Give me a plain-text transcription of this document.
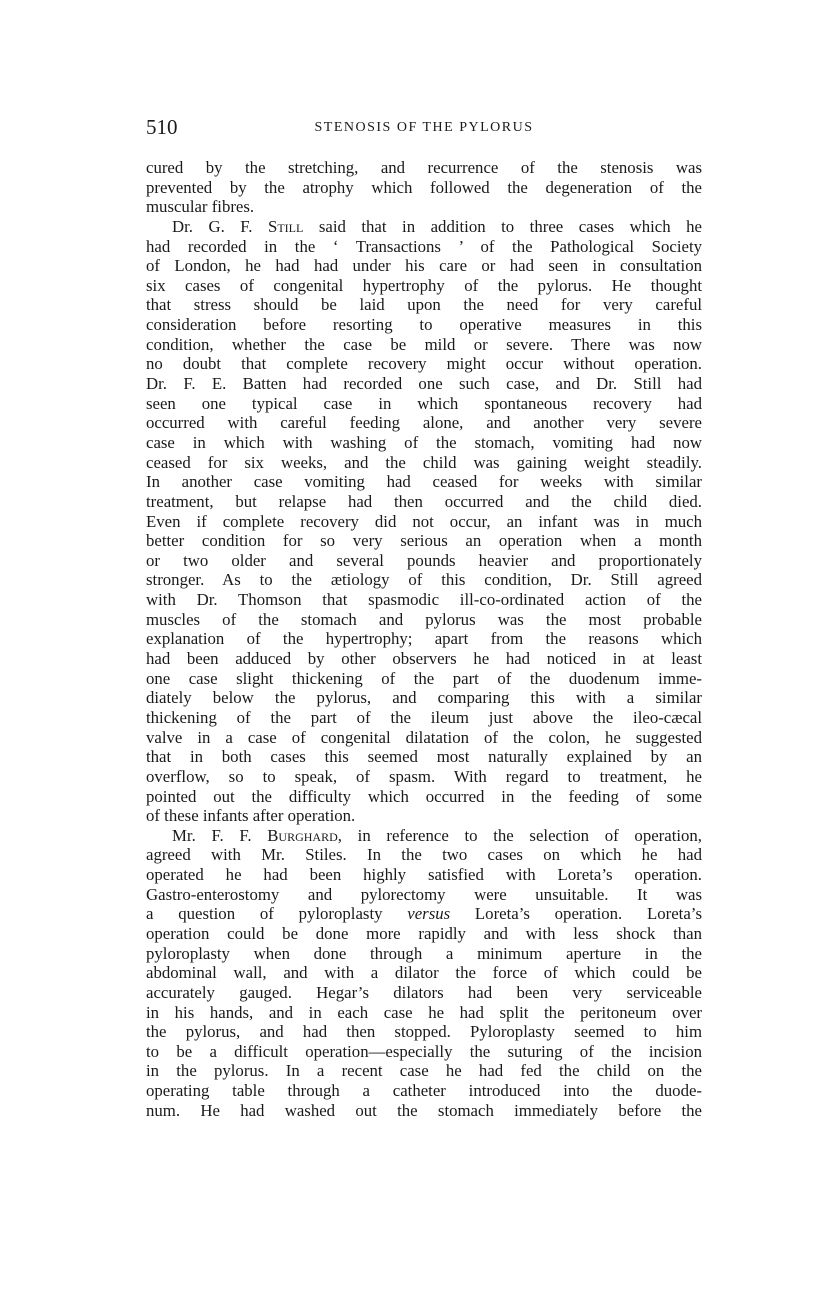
510	STENOSIS OF THE PYLORUS
cured by the stretching, and recurrence of the stenosis was
prevented by the atrophy which followed the degeneration of the
muscular fibres.
Dr. G. F. Still said that in addition to three cases which he
had recorded in the ‘ Transactions ’ of the Pathological Society
of London, he had had under his care or had seen in consultation
six cases of congenital hypertrophy of the pylorus. He thought
that stress should be laid upon the need for very careful
consideration before resorting to operative measures in this
condition, whether the case be mild or severe. There was now
no doubt that complete recovery might occur without operation.
Dr. F. E. Batten had recorded one such case, and Dr. Still had
seen one typical case in which spontaneous recovery had
occurred with careful feeding alone, and another very severe
case in which with washing of the stomach, vomiting had now
ceased for six weeks, and the child was gaining weight steadily.
In another case vomiting had ceased for weeks with similar
treatment, but relapse had then occurred and the child died.
Even if complete recovery did not occur, an infant was in much
better condition for so very serious an operation when a month
or two older and several pounds heavier and proportionately
stronger. As to the ætiology of this condition, Dr. Still agreed
with Dr. Thomson that spasmodic ill-co-ordinated action of the
muscles of the stomach and pylorus was the most probable
explanation of the hypertrophy; apart from the reasons which
had been adduced by other observers he had noticed in at least
one case slight thickening of the part of the duodenum imme-
diately below the pylorus, and comparing this with a similar
thickening of the part of the ileum just above the ileo-cæcal
valve in a case of congenital dilatation of the colon, he suggested
that in both cases this seemed most naturally explained by an
overflow, so to speak, of spasm. With regard to treatment, he
pointed out the difficulty which occurred in the feeding of some
of these infants after operation.
Mr. F. F. Burghard, in reference to the selection of operation,
agreed with Mr. Stiles. In the two cases on which he had
operated he had been highly satisfied with Loreta’s operation.
Gastro-enterostomy and pylorectomy were unsuitable. It was
a question of pyloroplasty versus Loreta’s operation. Loreta’s
operation could be done more rapidly and with less shock than
pyloroplasty when done through a minimum aperture in the
abdominal wall, and with a dilator the force of which could be
accurately gauged. Hegar’s dilators had been very serviceable
in his hands, and in each case he had split the peritoneum over
the pylorus, and had then stopped. Pyloroplasty seemed to him
to be a difficult operation—especially the suturing of the incision
in the pylorus. In a recent case he had fed the child on the
operating table through a catheter introduced into the duode-
num. He had washed out the stomach immediately before the
